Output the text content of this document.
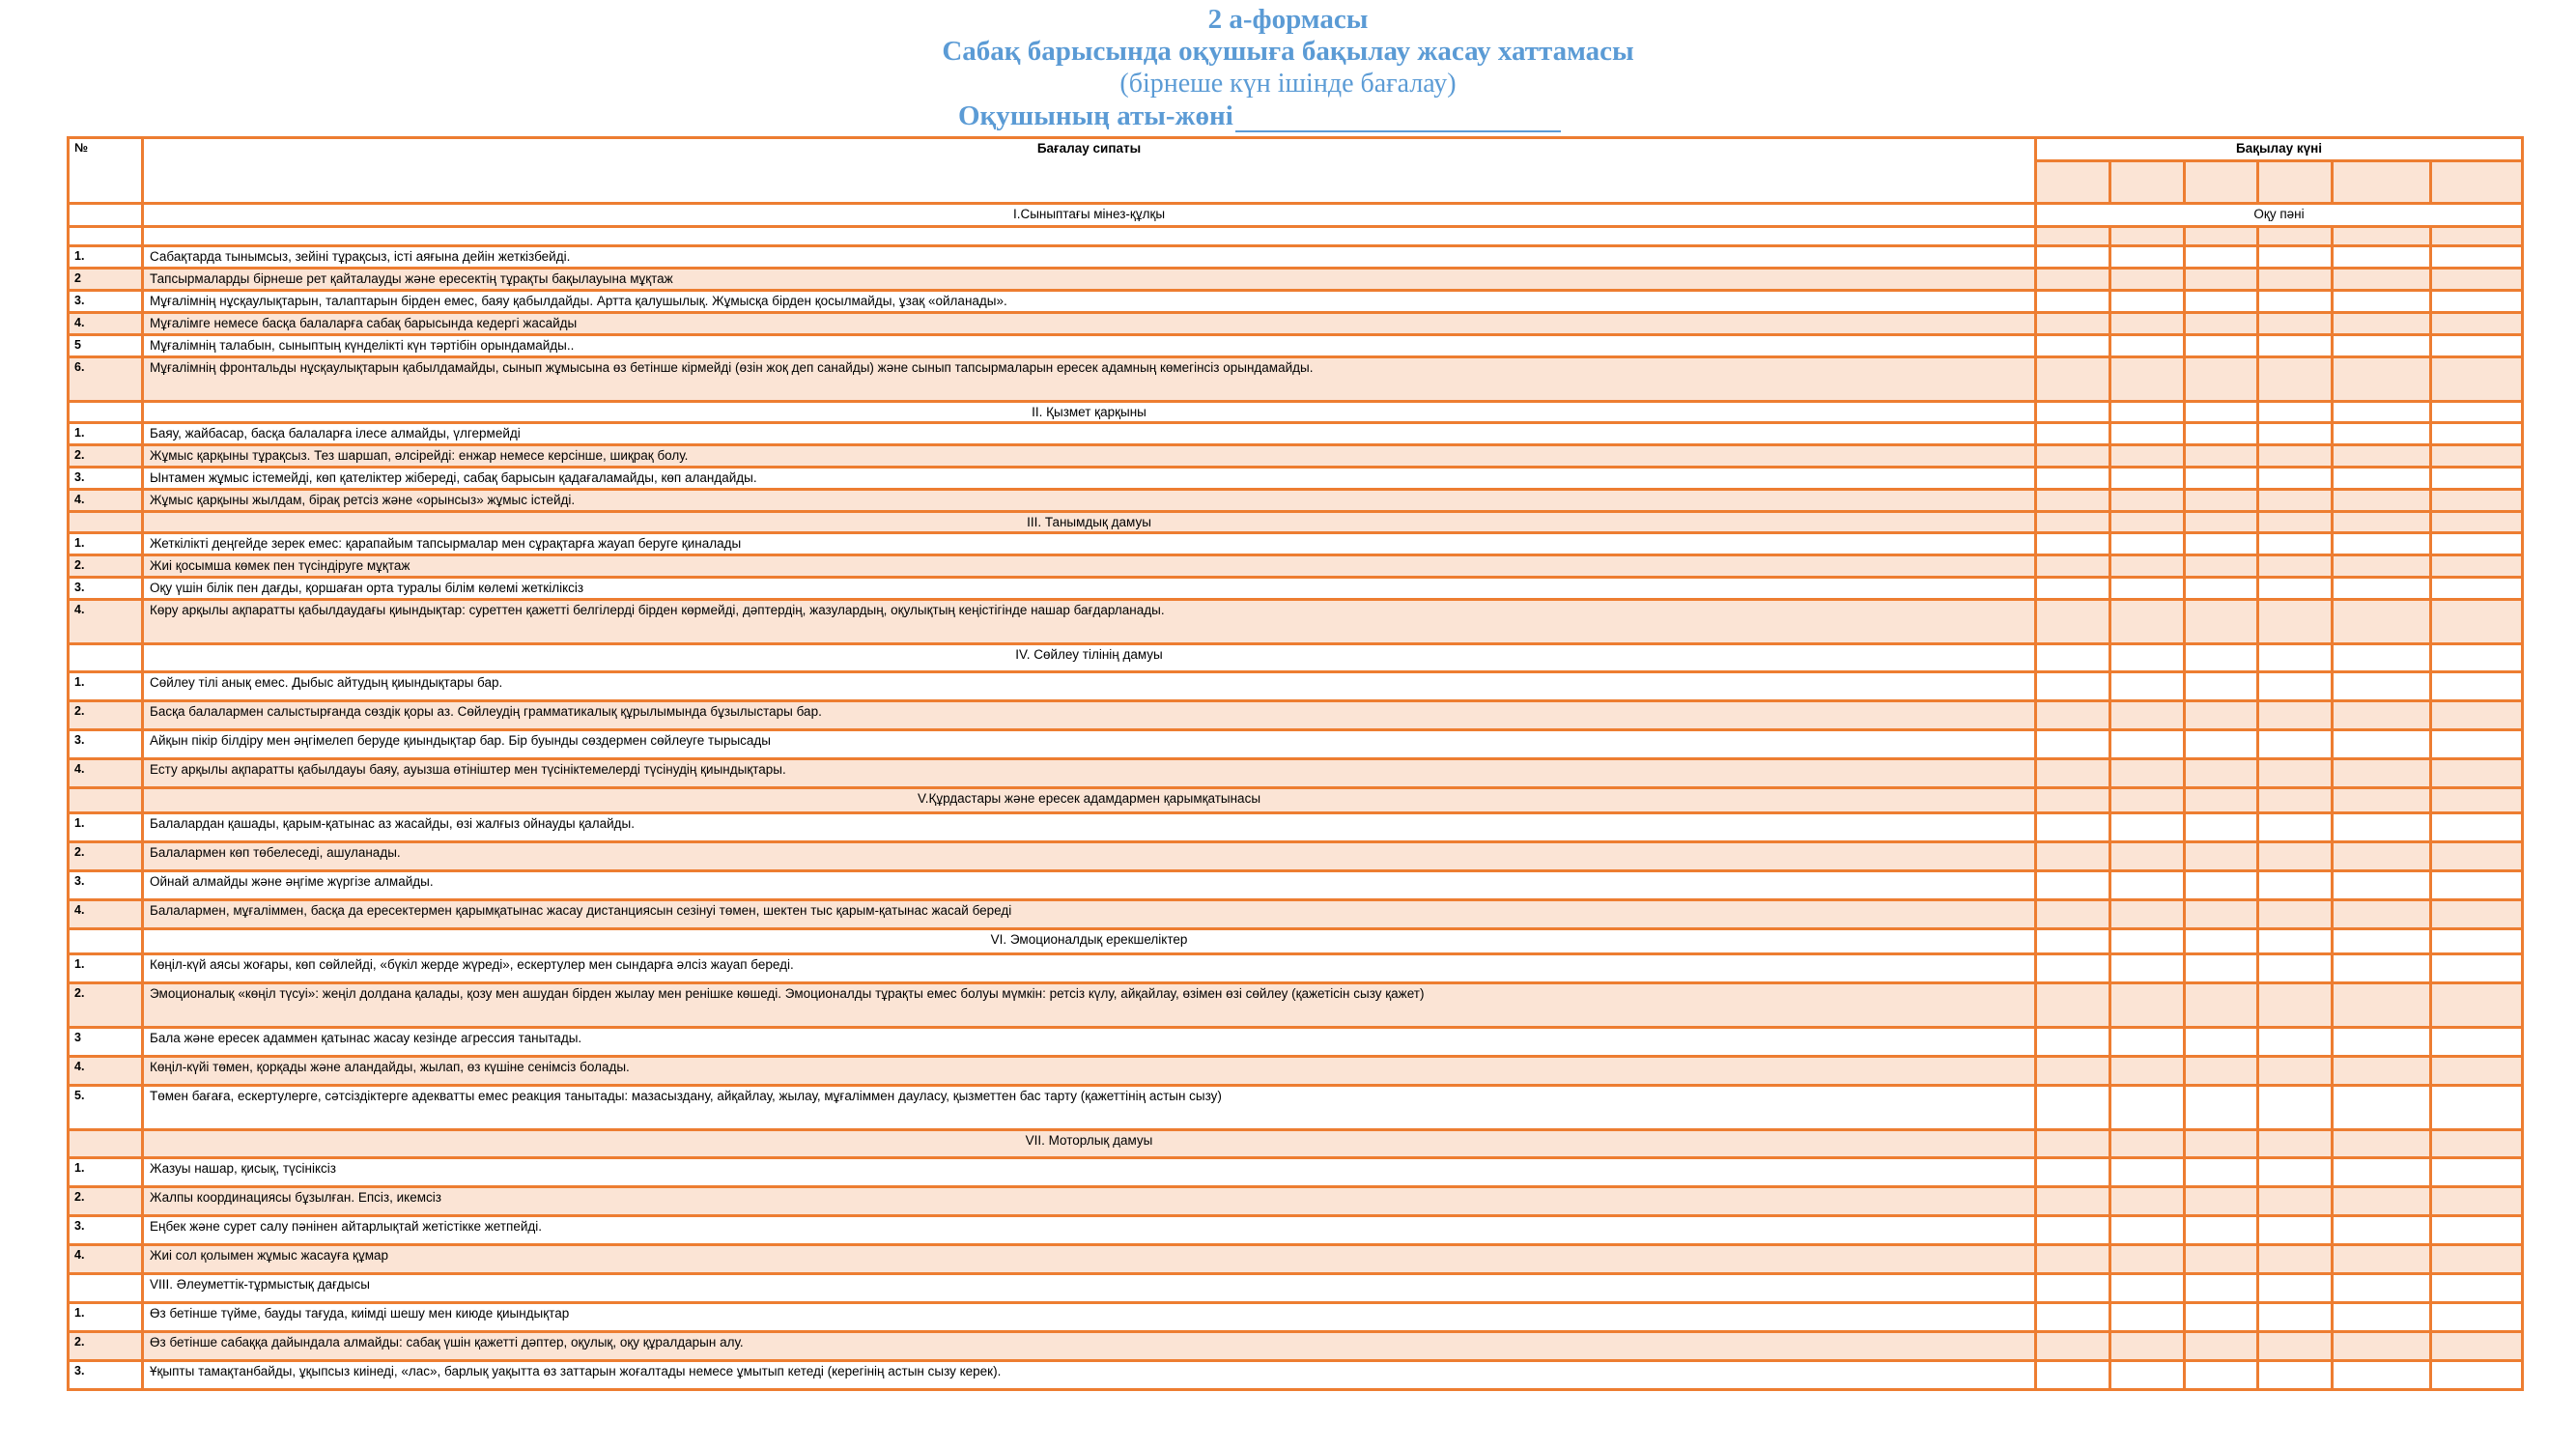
2 а-формасы
Сабақ барысында оқушыға бақылау жасау хаттамасы
(бірнеше күн ішінде бағалау)
Оқушының аты-жөні
№	Бағалау сипаты	Бақылау күні					

	I.Сыныптағы мінез-құлқы	Оқу пәні					

1.	Сабақтарда тынымсыз, зейіні тұрақсыз, істі аяғына дейін жеткізбейді.						
2	Тапсырмаларды бірнеше рет қайталауды және ересектің тұрақты бақылауына мұқтаж						
3.	Мұғалімнің нұсқаулықтарын, талаптарын бірден емес, баяу қабылдайды. Артта қалушылық. Жұмысқа бірден қосылмайды, ұзақ «ойланады».						
4.	Мұғалімге немесе басқа балаларға сабақ барысында кедергі жасайды						
5	Мұғалімнің талабын, сыныптың күнделікті күн тәртібін орындамайды..						
6.	Мұғалімнің фронтальды нұсқаулықтарын қабылдамайды, сынып жұмысына өз бетінше кірмейді (өзін жоқ деп санайды) және сынып тапсырмаларын ересек адамның көмегінсіз орындамайды.						
	II. Қызмет қарқыны						
1.	Баяу, жайбасар, басқа балаларға ілесе алмайды, үлгермейді						
2.	Жұмыс қарқыны тұрақсыз. Тез шаршап, әлсірейді: енжар немесе керсінше, шиқрақ болу.						
3.	Ынтамен жұмыс істемейді, көп қателіктер жібереді, сабақ барысын қадағаламайды, көп аландайды.						
4.	Жұмыс қарқыны жылдам, бірақ ретсіз және «орынсыз» жұмыс істейді.						
	III. Танымдық дамуы						
1.	Жеткілікті деңгейде зерек емес: қарапайым тапсырмалар мен сұрақтарға жауап беруге қиналады						
2.	Жиі қосымша көмек пен түсіндіруге мұқтаж						
3.	Оқу үшін білік пен дағды, қоршаған орта туралы білім көлемі жеткіліксіз						
4.	Көру арқылы ақпаратты қабылдаудағы қиындықтар: суреттен қажетті белгілерді бірден көрмейді, дәптердің, жазулардың, оқулықтың кеңістігінде нашар бағдарланады.						
	IV. Сөйлеу тілінің дамуы						
1.	Сөйлеу тілі анық емес. Дыбыс айтудың қиындықтары бар.						
2.	Басқа балалармен салыстырғанда сөздік қоры аз. Сөйлеудің грамматикалық құрылымында бұзылыстары бар.						
3.	Айқын пікір білдіру мен әңгімелеп беруде қиындықтар бар. Бір буынды сөздермен сөйлеуге тырысады						
4.	Есту арқылы ақпаратты қабылдауы баяу, ауызша өтініштер мен түсініктемелерді түсінудің қиындықтары.						
	V.Құрдастары және ересек адамдармен қарымқатынасы						
1.	Балалардан қашады, қарым-қатынас аз жасайды, өзі жалғыз ойнауды қалайды.						
2.	Балалармен көп төбелеседі, ашуланады.						
3.	Ойнай алмайды және әңгіме жүргізе алмайды.						
4.	Балалармен, мұғаліммен, басқа да ересектермен қарымқатынас жасау дистанциясын сезінуі төмен, шектен тыс қарым-қатынас жасай береді						
	VI. Эмоционалдық ерекшеліктер						
1.	Көңіл-күй аясы жоғары, көп сөйлейді, «бүкіл жерде жүреді», ескертулер мен сындарға әлсіз жауап береді.						
2.	Эмоционалық «көңіл түсуі»: жеңіл долдана қалады, қозу мен ашудан бірден жылау мен ренішке көшеді. Эмоционалды тұрақты емес болуы мүмкін: ретсіз күлу, айқайлау, өзімен өзі сөйлеу (қажетісін сызу қажет)						
3	Бала және ересек адаммен қатынас жасау кезінде агрессия танытады.						
4.	Көңіл-күйі төмен, қорқады және аландайды, жылап, өз күшіне сенімсіз болады.						
5.	Төмен бағаға, ескертулерге, сәтсіздіктерге адекватты емес реакция танытады: мазасыздану, айқайлау, жылау, мұғаліммен дауласу, қызметтен бас тарту (қажеттінің астын сызу)						
	VII. Моторлық дамуы						
1.	Жазуы нашар, қисық, түсініксіз						
2.	Жалпы координациясы бұзылған. Епсіз, икемсіз						
3.	Еңбек және сурет салу пәнінен айтарлықтай жетістікке жетпейді.						
4.	Жиі сол қолымен жұмыс жасауға құмар						
	VIII. Әлеуметтік-тұрмыстық дағдысы						
1.	Өз бетінше түйме, бауды тағуда, киімді шешу мен киюде қиындықтар						
2.	Өз бетінше сабаққа дайындала алмайды: сабақ үшін қажетті дәптер, оқулық, оқу құралдарын алу.						
3.	Ұқыпты тамақтанбайды, ұқыпсыз киінеді, «лас», барлық уақытта өз заттарын жоғалтады немесе ұмытып кетеді (керегінің астын сызу керек).						
